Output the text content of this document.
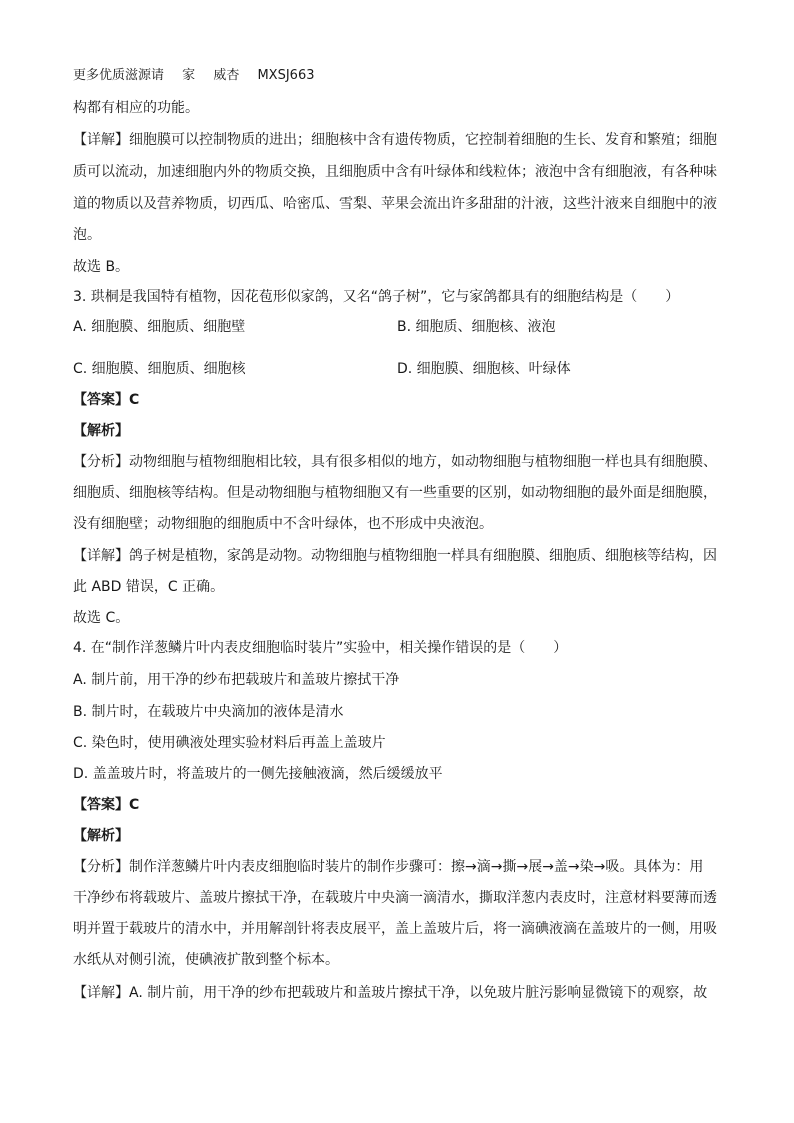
更多优质滋源请 家 威杏 MXSJ663
构都有相应的功能。
【详解】细胞膜可以控制物质的进出；细胞核中含有遗传物质，它控制着细胞的生长、发育和繁殖；细胞
质可以流动，加速细胞内外的物质交换，且细胞质中含有叶绿体和线粒体；液泡中含有细胞液，有各种味
道的物质以及营养物质，切西瓜、哈密瓜、雪梨、苹果会流出许多甜甜的汁液，这些汁液来自细胞中的液
泡。
故选 B。
3. 珙桐是我国特有植物，因花苞形似家鸽，又名“鸽子树”，它与家鸽都具有的细胞结构是（　　）
A. 细胞膜、细胞质、细胞壁	B. 细胞质、细胞核、液泡
C. 细胞膜、细胞质、细胞核	D. 细胞膜、细胞核、叶绿体
【答案】C
【解析】
【分析】动物细胞与植物细胞相比较，具有很多相似的地方，如动物细胞与植物细胞一样也具有细胞膜、
细胞质、细胞核等结构。但是动物细胞与植物细胞又有一些重要的区别，如动物细胞的最外面是细胞膜，
没有细胞壁；动物细胞的细胞质中不含叶绿体，也不形成中央液泡。
【详解】鸽子树是植物，家鸽是动物。动物细胞与植物细胞一样具有细胞膜、细胞质、细胞核等结构，因
此 ABD 错误，C 正确。
故选 C。
4. 在“制作洋葱鳞片叶内表皮细胞临时装片”实验中，相关操作错误的是（　　）
A. 制片前，用干净的纱布把载玻片和盖玻片擦拭干净
B. 制片时，在载玻片中央滴加的液体是清水
C. 染色时，使用碘液处理实验材料后再盖上盖玻片
D. 盖盖玻片时，将盖玻片的一侧先接触液滴，然后缓缓放平
【答案】C
【解析】
【分析】制作洋葱鳞片叶内表皮细胞临时装片的制作步骤可：擦→滴→撕→展→盖→染→吸。具体为：用
干净纱布将载玻片、盖玻片擦拭干净，在载玻片中央滴一滴清水，撕取洋葱内表皮时，注意材料要薄而透
明并置于载玻片的清水中，并用解剖针将表皮展平，盖上盖玻片后，将一滴碘液滴在盖玻片的一侧，用吸
水纸从对侧引流，使碘液扩散到整个标本。
【详解】A. 制片前，用干净的纱布把载玻片和盖玻片擦拭干净，以免玻片脏污影响显微镜下的观察，故
